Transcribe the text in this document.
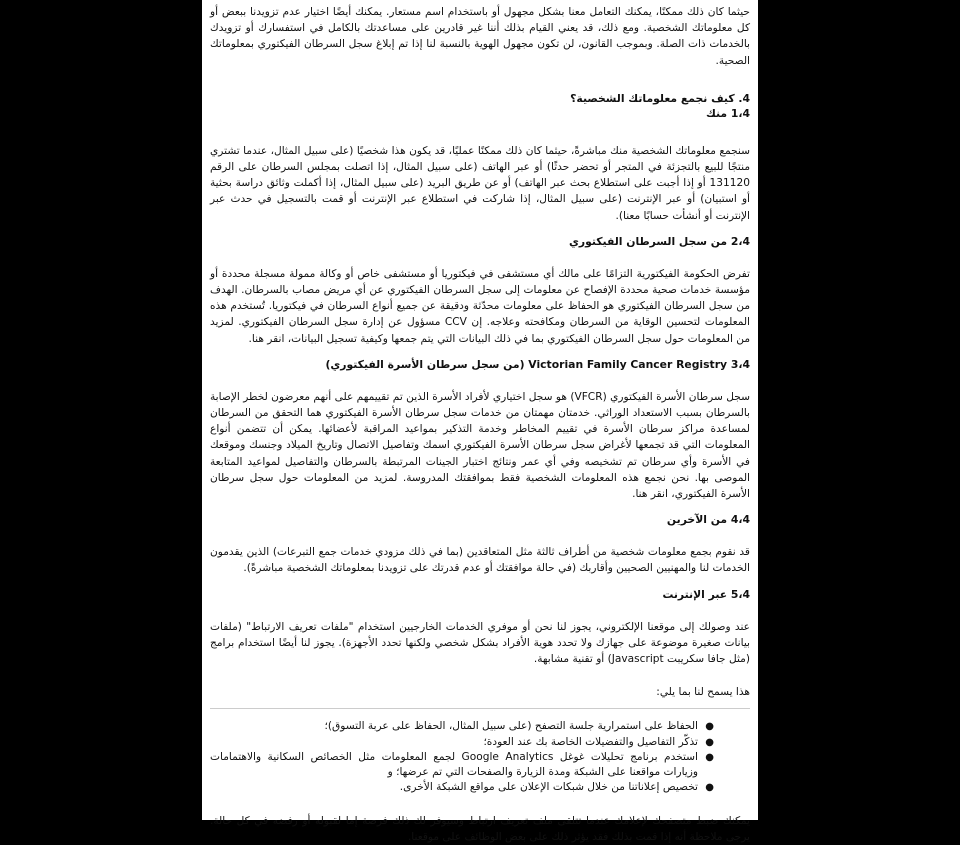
حيثما كان ذلك ممكنًا، يمكنك التعامل معنا بشكل مجهول أو باستخدام اسم مستعار. يمكنك أيضًا اختيار عدم تزويدنا ببعض أو كل معلوماتك الشخصية. ومع ذلك، قد يعني القيام بذلك أننا غير قادرين على مساعدتك بالكامل في استفسارك أو تزويدك بالخدمات ذات الصلة. وبموجب القانون، لن تكون مجهول الهوية بالنسبة لنا إذا تم إبلاغ سجل السرطان الفيكتوري بمعلوماتك الصحية.

4. كيف نجمع معلوماتك الشخصية؟

1،4 منك

سنجمع معلوماتك الشخصية منك مباشرةً، حيثما كان ذلك ممكنًا عمليًا، قد يكون هذا شخصيًا (على سبيل المثال، عندما تشتري منتجًا للبيع بالتجزئة في المتجر أو تحضر حدثًا) أو عبر الهاتف (على سبيل المثال، إذا اتصلت بمجلس السرطان على الرقم 131120 أو إذا أجبت على استطلاع بحث عبر الهاتف) أو عن طريق البريد (على سبيل المثال، إذا أكملت وثائق دراسة بحثية أو استبيان) أو عبر الإنترنت (على سبيل المثال، إذا شاركت في استطلاع عبر الإنترنت أو قمت بالتسجيل في حدث عبر الإنترنت أو أنشأت حسابًا معنا).

2،4 من سجل السرطان الفيكتوري

تفرض الحكومة الفيكتورية التزامًا على مالك أي مستشفى في فيكتوريا أو مستشفى خاص أو وكالة ممولة مسجلة محددة أو مؤسسة خدمات صحية محددة الإفصاح عن معلومات إلى سجل السرطان الفيكتوري عن أي مريض مصاب بالسرطان. الهدف من سجل السرطان الفيكتوري هو الحفاظ على معلومات محدّثة ودقيقة عن جميع أنواع السرطان في فيكتوريا. تُستخدم هذه المعلومات لتحسين الوقاية من السرطان ومكافحته وعلاجه. إن CCV مسؤول عن إدارة سجل السرطان الفيكتوري. لمزيد من المعلومات حول سجل السرطان الفيكتوري بما في ذلك البيانات التي يتم جمعها وكيفية تسجيل البيانات، انقر هنا.

3،4 Victorian Family Cancer Registry (من سجل سرطان الأسرة الفيكتوري)

سجل سرطان الأسرة الفيكتوري (VFCR) هو سجل اختياري لأفراد الأسرة الذين تم تقييمهم على أنهم معرضون لخطر الإصابة بالسرطان بسبب الاستعداد الوراثي. خدمتان مهمتان من خدمات سجل سرطان الأسرة الفيكتوري هما التحقق من السرطان لمساعدة مراكز سرطان الأسرة في تقييم المخاطر وخدمة التذكير بمواعيد المراقبة لأعضائها. يمكن أن تتضمن أنواع المعلومات التي قد تجمعها لأغراض سجل سرطان الأسرة الفيكتوري اسمك وتفاصيل الاتصال وتاريخ الميلاد وجنسك وموقعك في الأسرة وأي سرطان تم تشخيصه وفي أي عمر ونتائج اختبار الجينات المرتبطة بالسرطان والتفاصيل لمواعيد المتابعة الموصى بها. نحن نجمع هذه المعلومات الشخصية فقط بموافقتك المدروسة. لمزيد من المعلومات حول سجل سرطان الأسرة الفيكتوري، انقر هنا.

4،4 من الآخرين

قد نقوم بجمع معلومات شخصية من أطراف ثالثة مثل المتعاقدين (بما في ذلك مزودي خدمات جمع التبرعات) الذين يقدمون الخدمات لنا والمهنيين الصحيين وأقاربك (في حالة موافقتك أو عدم قدرتك على تزويدنا بمعلوماتك الشخصية مباشرةً).

5،4 عبر الإنترنت

عند وصولك إلى موقعنا الإلكتروني، يجوز لنا نحن أو موفري الخدمات الخارجيين استخدام "ملفات تعريف الارتباط" (ملفات بيانات صغيرة موضوعة على جهازك ولا تحدد هوية الأفراد بشكل شخصي ولكنها تحدد الأجهزة). يجوز لنا أيضًا استخدام برامج (مثل جافا سكريبت Javascript) أو تقنية مشابهة.

هذا يسمح لنا بما يلي:

●
الحفاظ على استمرارية جلسة التصفح (على سبيل المثال، الحفاظ على عربة التسوق)؛
●
تذكّر التفاصيل والتفضيلات الخاصة بك عند العودة؛
●
استخدم برنامج تحليلات غوغل Google Analytics لجمع المعلومات مثل الخصائص السكانية والاهتمامات وزيارات مواقعنا على الشبكة ومدة الزيارة والصفحات التي تم عرضها؛ و
●
تخصيص إعلاناتنا من خلال شبكات الإعلان على مواقع الشبكة الأخرى.

يمكنك ضبط متصفحك لإعلامك عندما تتلقى ملف تعريف ارتباط وسيوفر لك ذلك فرصة إما لقبوله أو رفضه في كل حالة. يرجى ملاحظة أنه إذا قمت بذلك فقد يؤثر ذلك على بعض الوظائف على موقعنا.
